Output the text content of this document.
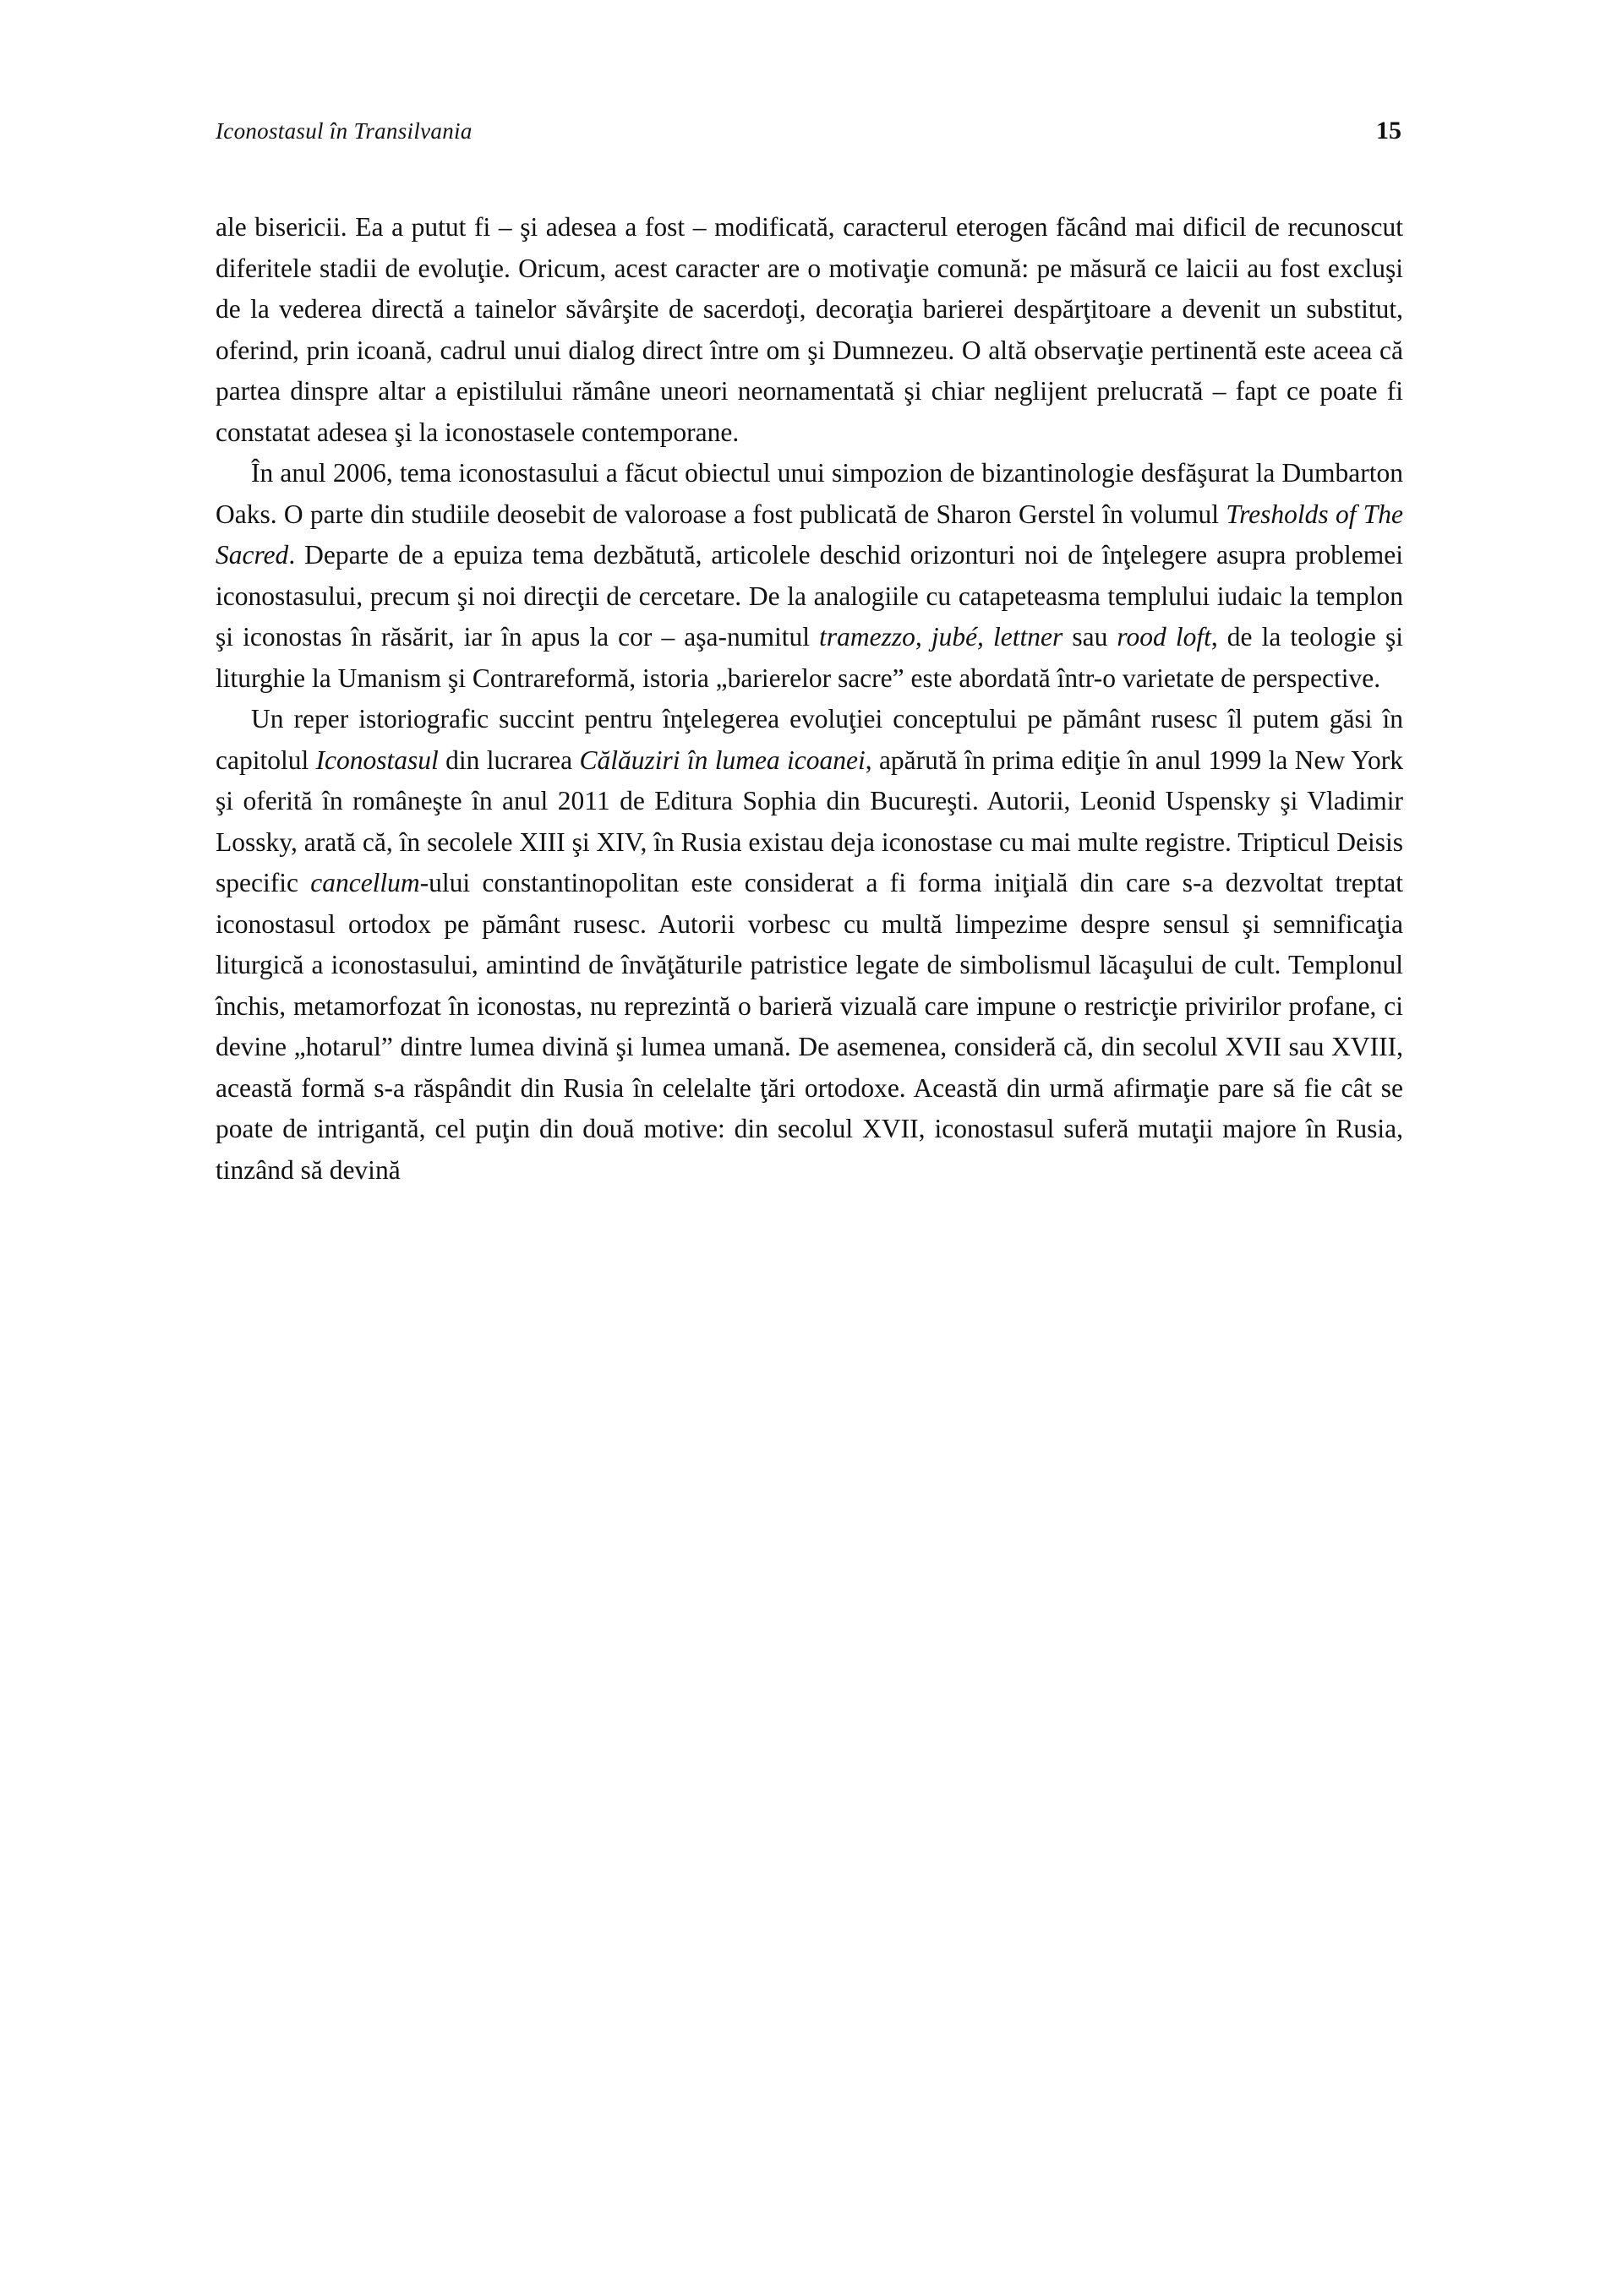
Iconostasul în Transilvania	15

ale bisericii. Ea a putut fi – şi adesea a fost – modificată, caracterul eterogen făcând mai dificil de recunoscut diferitele stadii de evoluţie. Oricum, acest caracter are o motivaţie comună: pe măsură ce laicii au fost excluşi de la vederea directă a tainelor săvârşite de sacerdoţi, decoraţia barierei despărţitoare a devenit un substitut, oferind, prin icoană, cadrul unui dialog direct între om şi Dumnezeu. O altă observaţie pertinentă este aceea că partea dinspre altar a epistilului rămâne uneori neornamentată şi chiar neglijent prelucrată – fapt ce poate fi constatat adesea şi la iconostasele contemporane.

În anul 2006, tema iconostasului a făcut obiectul unui simpozion de bizantinologie desfăşurat la Dumbarton Oaks. O parte din studiile deosebit de valoroase a fost publicată de Sharon Gerstel în volumul Tresholds of The Sacred. Departe de a epuiza tema dezbătută, articolele deschid orizonturi noi de înţelegere asupra problemei iconostasului, precum şi noi direcţii de cercetare. De la analogiile cu catapeteasma templului iudaic la templon şi iconostas în răsărit, iar în apus la cor – aşa-numitul tramezzo, jubé, lettner sau rood loft, de la teologie şi liturghie la Umanism şi Contrareformă, istoria „barierelor sacre” este abordată într-o varietate de perspective.

Un reper istoriografic succint pentru înţelegerea evoluţiei conceptului pe pământ rusesc îl putem găsi în capitolul Iconostasul din lucrarea Călăuziri în lumea icoanei, apărută în prima ediţie în anul 1999 la New York şi oferită în româneşte în anul 2011 de Editura Sophia din Bucureşti. Autorii, Leonid Uspensky şi Vladimir Lossky, arată că, în secolele XIII şi XIV, în Rusia existau deja iconostase cu mai multe registre. Tripticul Deisis specific cancellum-ului constantinopolitan este considerat a fi forma iniţială din care s-a dezvoltat treptat iconostasul ortodox pe pământ rusesc. Autorii vorbesc cu multă limpezime despre sensul şi semnificaţia liturgică a iconostasului, amintind de învăţăturile patristice legate de simbolismul lăcaşului de cult. Templonul închis, metamorfozat în iconostas, nu reprezintă o barieră vizuală care impune o restricţie privirilor profane, ci devine „hotarul” dintre lumea divină şi lumea umană. De asemenea, consideră că, din secolul XVII sau XVIII, această formă s-a răspândit din Rusia în celelalte ţări ortodoxe. Această din urmă afirmaţie pare să fie cât se poate de intrigantă, cel puţin din două motive: din secolul XVII, iconostasul suferă mutaţii majore în Rusia, tinzând să devină
